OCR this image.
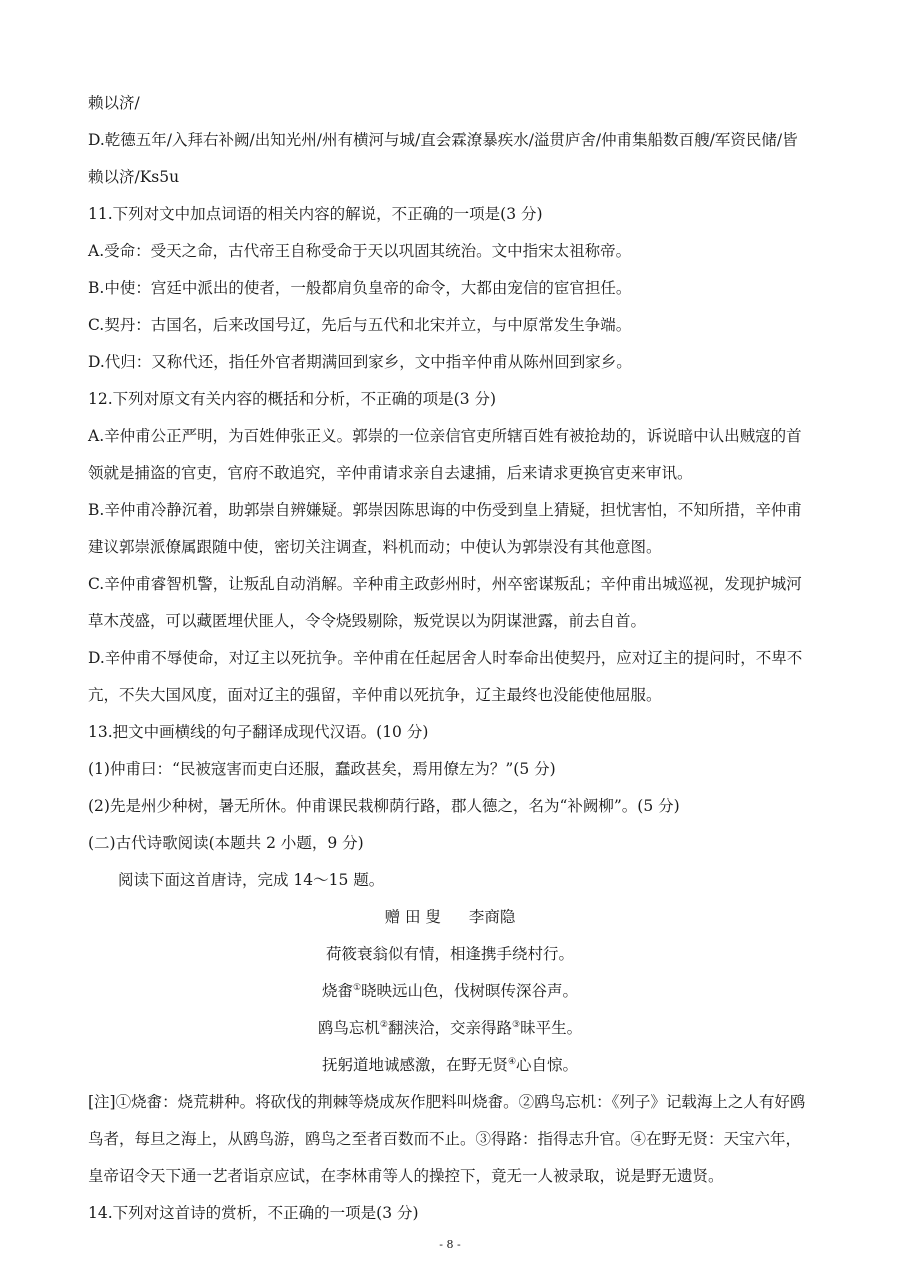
赖以济/
D.乾德五年/入拜右补阙/出知光州/州有横河与城/直会霖潦暴疾水/溢贯庐舍/仲甫集船数百艘/军资民储/皆
赖以济/Ks5u
11.下列对文中加点词语的相关内容的解说，不正确的一项是(3 分)
A.受命：受天之命，古代帝王自称受命于天以巩固其统治。文中指宋太祖称帝。
B.中使：宫廷中派出的使者，一般都肩负皇帝的命令，大都由宠信的宦官担任。
C.契丹：古国名，后来改国号辽，先后与五代和北宋并立，与中原常发生争端。
D.代归：又称代还，指任外官者期满回到家乡，文中指辛仲甫从陈州回到家乡。
12.下列对原文有关内容的概括和分析，不正确的项是(3 分)
A.辛仲甫公正严明，为百姓伸张正义。郭崇的一位亲信官吏所辖百姓有被抢劫的，诉说暗中认出贼寇的首
领就是捕盗的官吏，官府不敢追究，辛仲甫请求亲自去逮捕，后来请求更换官吏来审讯。
B.辛仲甫冷静沉着，助郭崇自辨嫌疑。郭崇因陈思诲的中伤受到皇上猜疑，担忧害怕，不知所措，辛仲甫
建议郭崇派僚属跟随中使，密切关注调查，料机而动；中使认为郭崇没有其他意图。
C.辛仲甫睿智机警，让叛乱自动消解。辛种甫主政彭州时，州卒密谋叛乱；辛仲甫出城巡视，发现护城河
草木茂盛，可以藏匿埋伏匪人，令令烧毁剔除，叛党误以为阴谋泄露，前去自首。
D.辛仲甫不辱使命，对辽主以死抗争。辛仲甫在任起居舍人时奉命出使契丹，应对辽主的提问时，不卑不
亢，不失大国风度，面对辽主的强留，辛仲甫以死抗争，辽主最终也没能使他屈服。
13.把文中画横线的句子翻译成现代汉语。(10 分)
(1)仲甫曰：“民被寇害而吏白还服，蠢政甚矣，焉用僚左为？”(5 分)
(2)先是州少种树，暑无所休。仲甫课民栽柳荫行路，郡人德之，名为“补阙柳”。(5 分)
(二)古代诗歌阅读(本题共 2 小题，9 分)
阅读下面这首唐诗，完成 14～15 题。
赠 田 叟 李商隐
荷筱衰翁似有情，相逢携手绕村行。
烧畬①晓映远山色，伐树暝传深谷声。
鸥鸟忘机②翻浃洽，交亲得路③昧平生。
抚躬道地诚感激，在野无贤④心自惊。
[注]①烧畬：烧荒耕种。将砍伐的荆棘等烧成灰作肥料叫烧畬。②鸥鸟忘机：《列子》记载海上之人有好鸥
鸟者，每旦之海上，从鸥鸟游，鸥鸟之至者百数而不止。③得路：指得志升官。④在野无贤：天宝六年，
皇帝诏令天下通一艺者诣京应试，在李林甫等人的操控下，竟无一人被录取，说是野无遗贤。
14.下列对这首诗的赏析，不正确的一项是(3 分)
- 8 -
